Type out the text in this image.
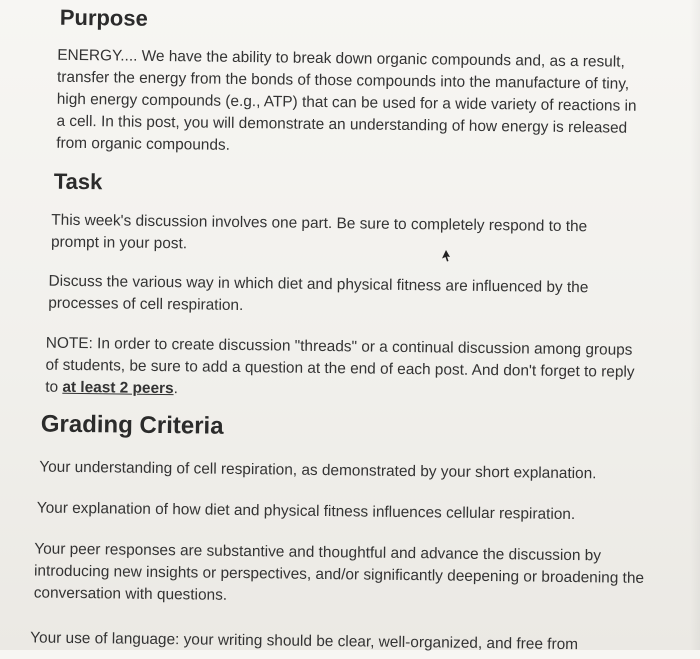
Purpose

ENERGY.... We have the ability to break down organic compounds and, as a result, transfer the energy from the bonds of those compounds into the manufacture of tiny, high energy compounds (e.g., ATP) that can be used for a wide variety of reactions in a cell. In this post, you will demonstrate an understanding of how energy is released from organic compounds.

Task

This week's discussion involves one part. Be sure to completely respond to the prompt in your post.

Discuss the various way in which diet and physical fitness are influenced by the processes of cell respiration.

NOTE: In order to create discussion "threads" or a continual discussion among groups of students, be sure to add a question at the end of each post. And don't forget to reply to at least 2 peers.

Grading Criteria

Your understanding of cell respiration, as demonstrated by your short explanation.

Your explanation of how diet and physical fitness influences cellular respiration.

Your peer responses are substantive and thoughtful and advance the discussion by introducing new insights or perspectives, and/or significantly deepening or broadening the conversation with questions.

Your use of language: your writing should be clear, well-organized, and free from
